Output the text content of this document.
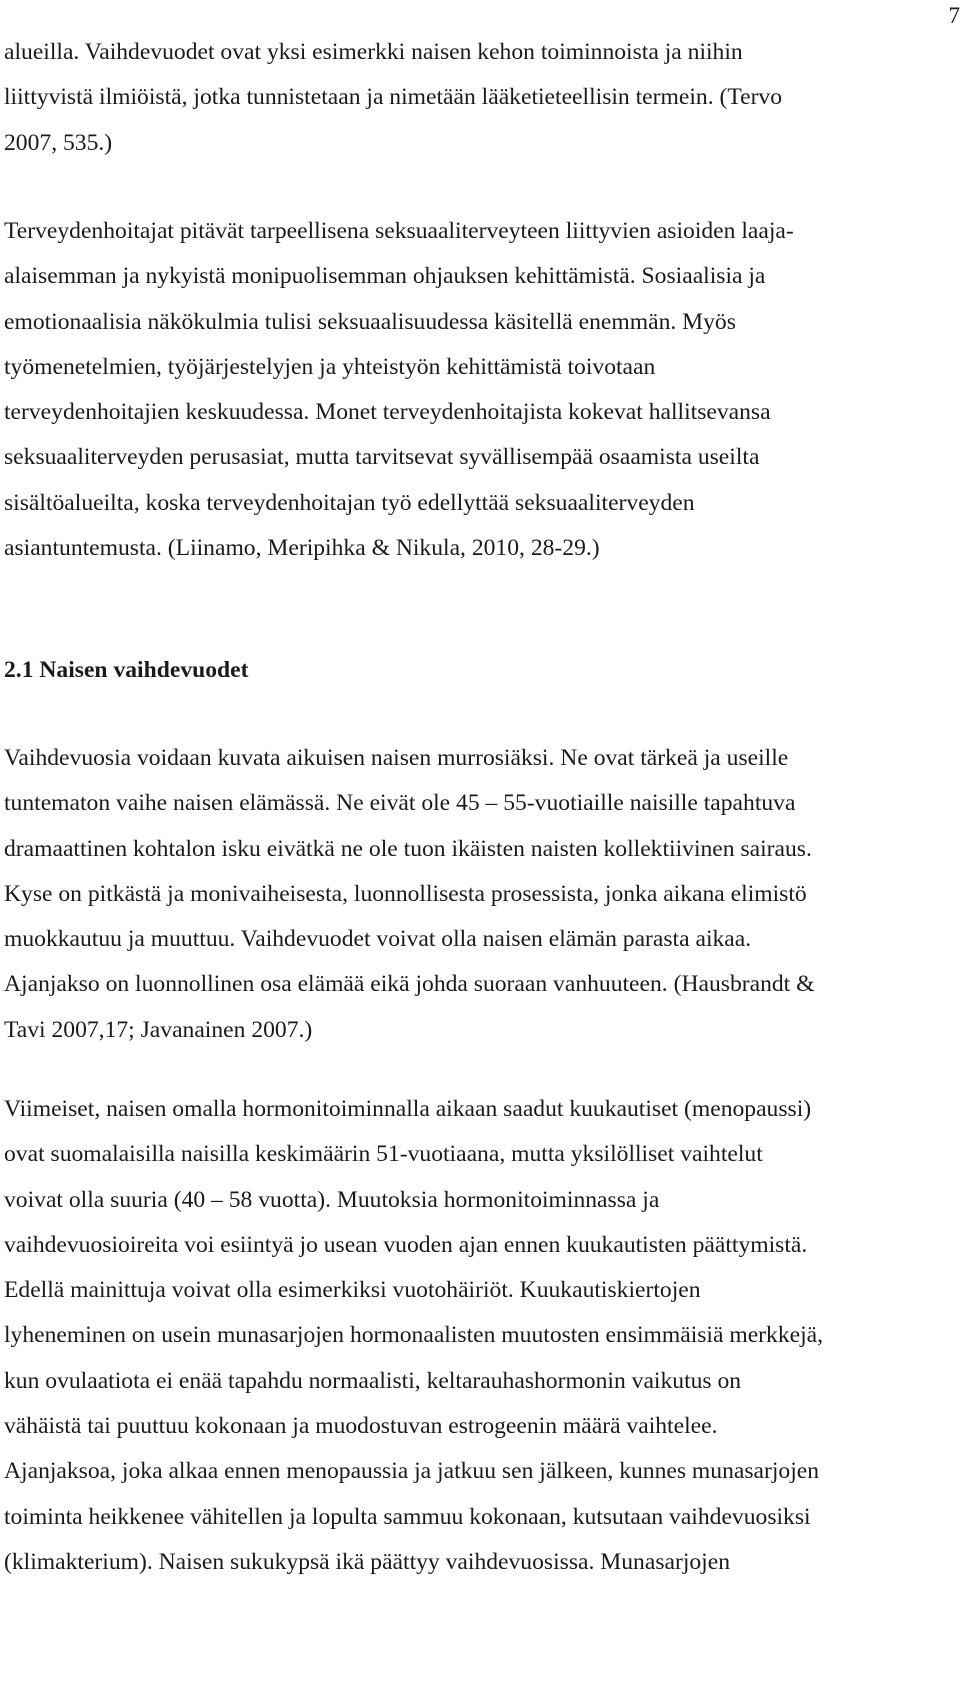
7
alueilla. Vaihdevuodet ovat yksi esimerkki naisen kehon toiminnoista ja niihin
liittyvistä ilmiöistä, jotka tunnistetaan ja nimetään lääketieteellisin termein. (Tervo
2007, 535.)
Terveydenhoitajat pitävät tarpeellisena seksuaaliterveyteen liittyvien asioiden laaja-
alaisemman ja nykyistä monipuolisemman ohjauksen kehittämistä. Sosiaalisia ja
emotionaalisia näkökulmia tulisi seksuaalisuudessa käsitellä enemmän. Myös
työmenetelmien, työjärjestelyjen ja yhteistyön kehittämistä toivotaan
terveydenhoitajien keskuudessa. Monet terveydenhoitajista kokevat hallitsevansa
seksuaaliterveyden perusasiat, mutta tarvitsevat syvällisempää osaamista useilta
sisältöalueilta, koska terveydenhoitajan työ edellyttää seksuaaliterveyden
asiantuntemusta. (Liinamo, Meripihka & Nikula, 2010, 28-29.)
2.1 Naisen vaihdevuodet
Vaihdevuosia voidaan kuvata aikuisen naisen murrosiäksi. Ne ovat tärkeä ja useille
tuntematon vaihe naisen elämässä. Ne eivät ole 45 – 55-vuotiaille naisille tapahtuva
dramaattinen kohtalon isku eivätkä ne ole tuon ikäisten naisten kollektiivinen sairaus.
Kyse on pitkästä ja monivaiheisesta, luonnollisesta prosessista, jonka aikana elimistö
muokkautuu ja muuttuu. Vaihdevuodet voivat olla naisen elämän parasta aikaa.
Ajanjakso on luonnollinen osa elämää eikä johda suoraan vanhuuteen. (Hausbrandt &
Tavi 2007,17; Javanainen 2007.)
Viimeiset, naisen omalla hormonitoiminnalla aikaan saadut kuukautiset (menopaussi)
ovat suomalaisilla naisilla keskimäärin 51-vuotiaana, mutta yksilölliset vaihtelut
voivat olla suuria (40 – 58 vuotta). Muutoksia hormonitoiminnassa ja
vaihdevuosioireita voi esiintyä jo usean vuoden ajan ennen kuukautisten päättymistä.
Edellä mainittuja voivat olla esimerkiksi vuotohäiriöt. Kuukautiskiertojen
lyheneminen on usein munasarjojen hormonaalisten muutosten ensimmäisiä merkkejä,
kun ovulaatiota ei enää tapahdu normaalisti, keltarauhashormonin vaikutus on
vähäistä tai puuttuu kokonaan ja muodostuvan estrogeenin määrä vaihtelee.
Ajanjaksoa, joka alkaa ennen menopaussia ja jatkuu sen jälkeen, kunnes munasarjojen
toiminta heikkenee vähitellen ja lopulta sammuu kokonaan, kutsutaan vaihdevuosiksi
(klimakterium). Naisen sukukypsä ikä päättyy vaihdevuosissa. Munasarjojen
